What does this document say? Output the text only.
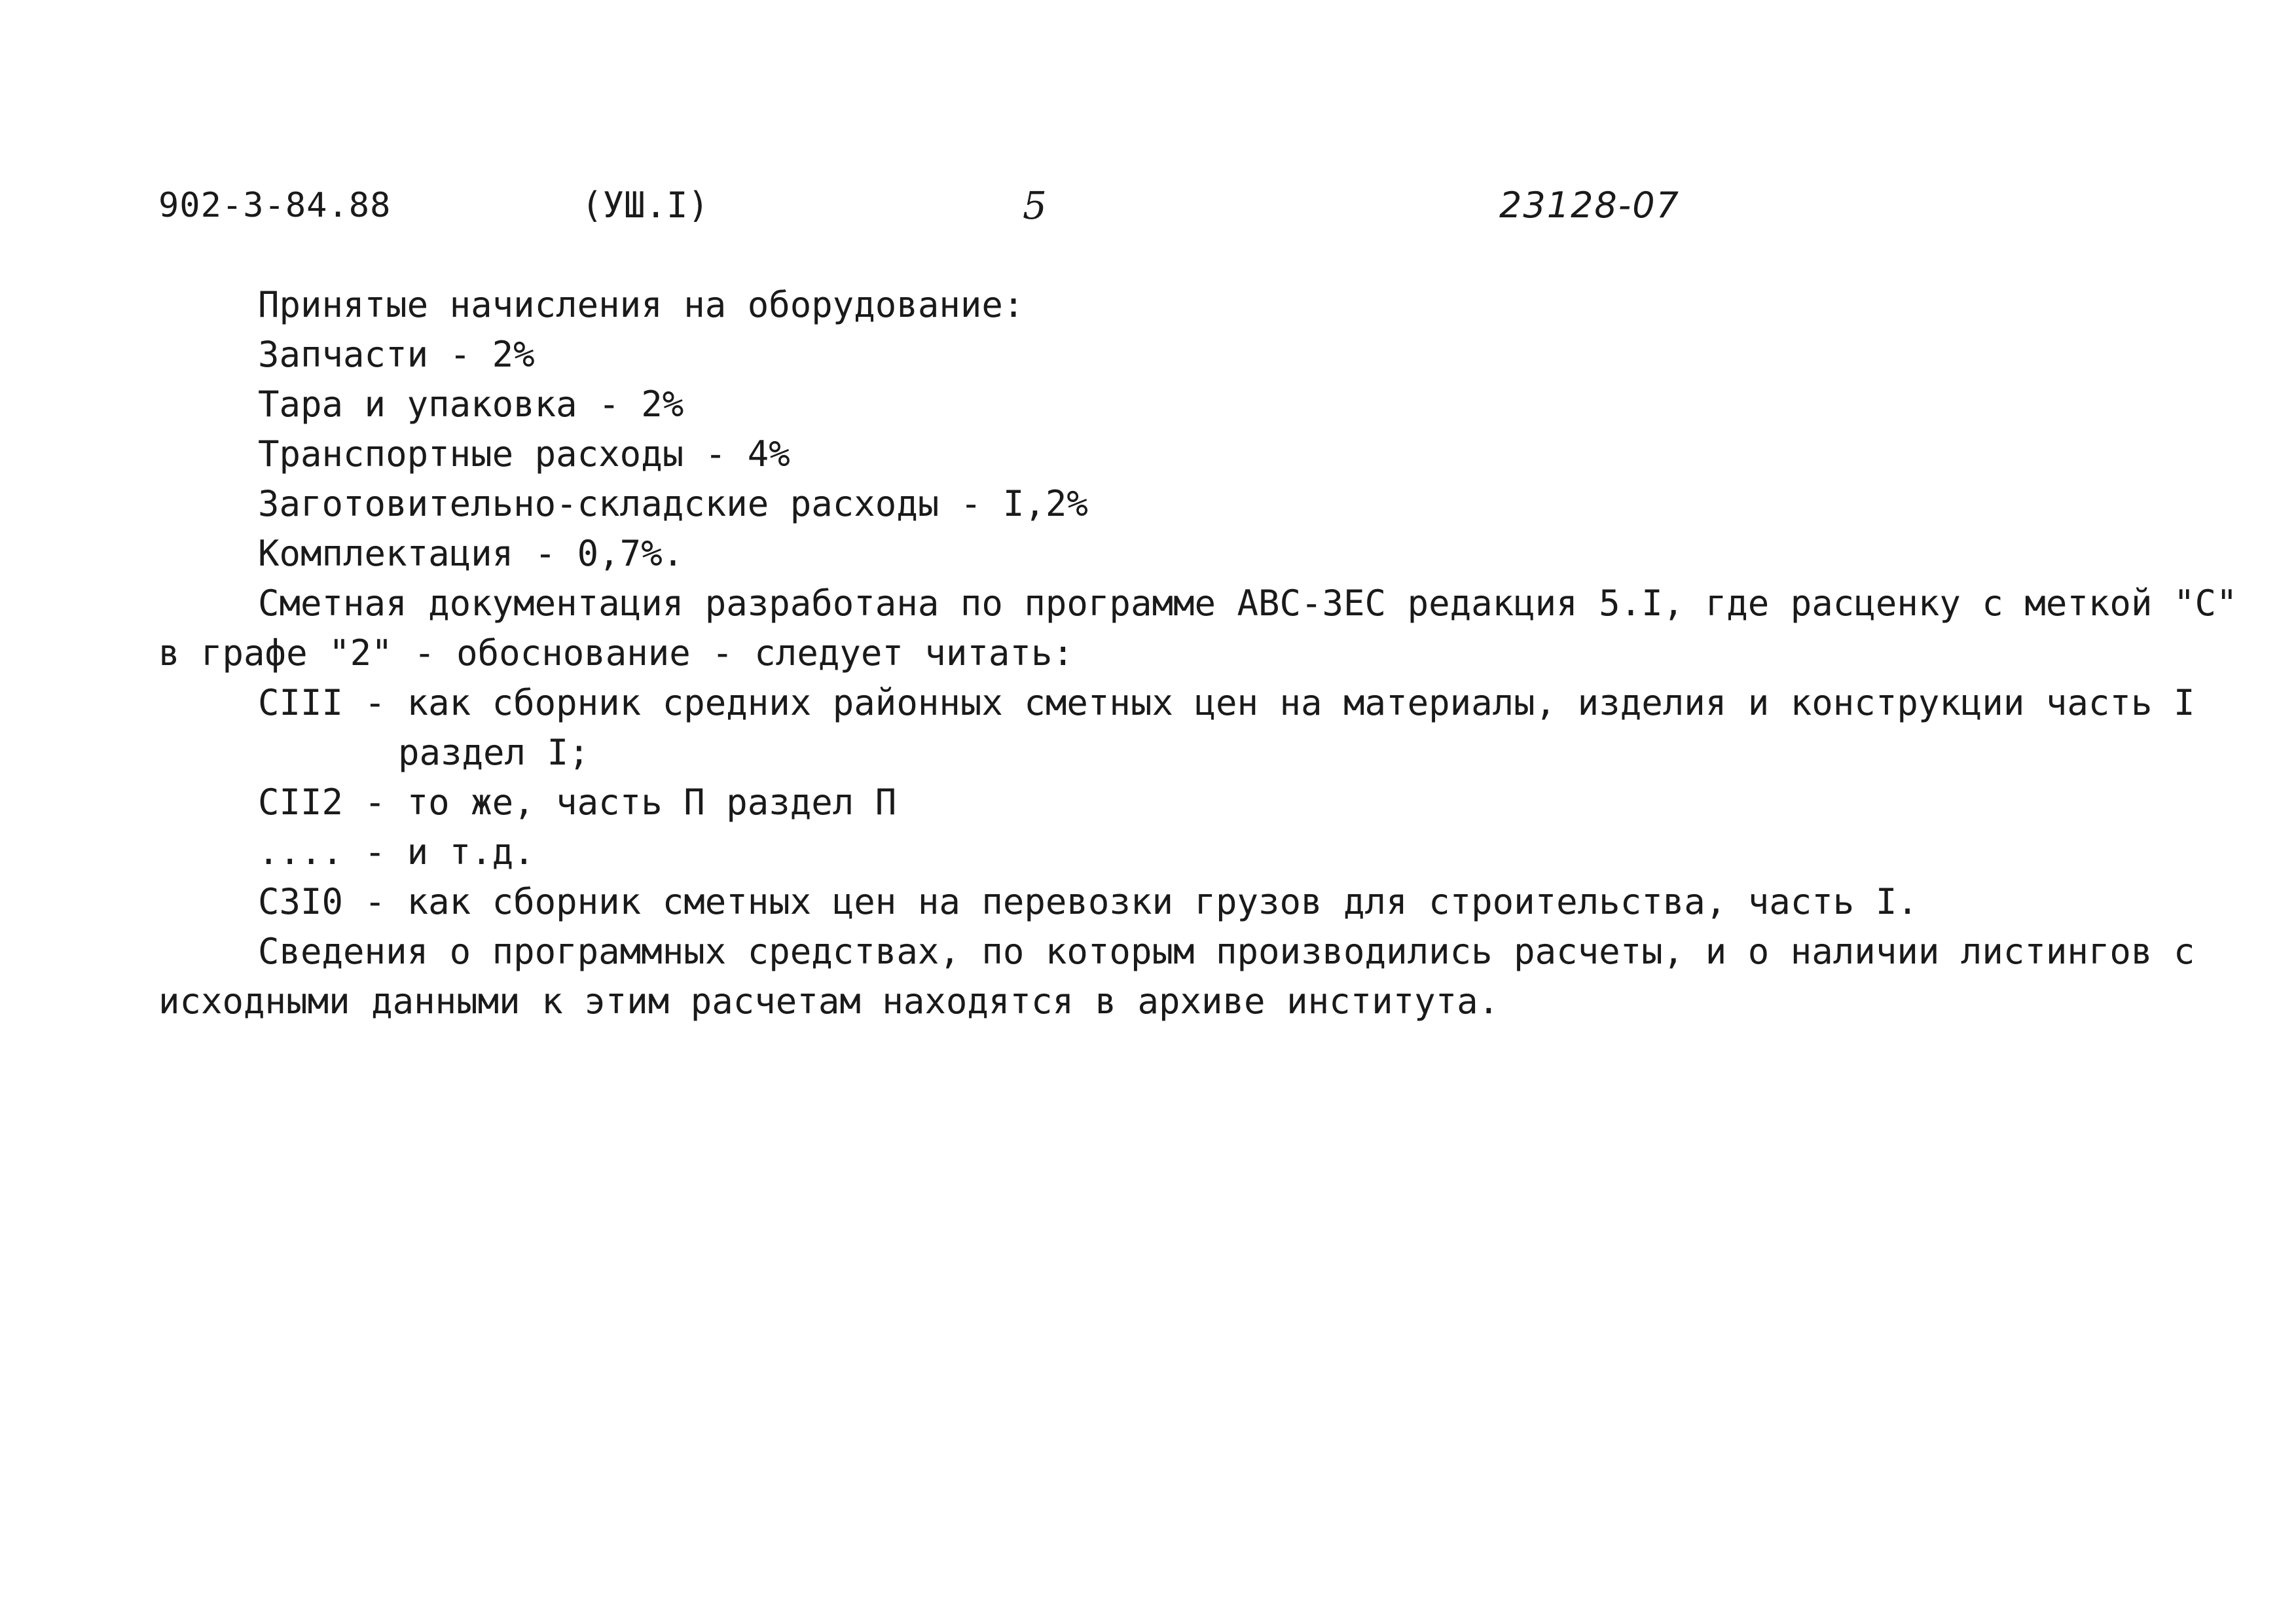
902-3-84.88	(УШ.I)	5	23128-07
Принятые начисления на оборудование:
Запчасти - 2%
Тара и упаковка - 2%
Транспортные расходы - 4%
Заготовительно-складские расходы - I,2%
Комплектация - 0,7%.
Сметная документация разработана по программе АВС-ЗЕС редакция 5.I, где расценку с меткой "С"
в графе "2" - обоснование - следует читать:
СIII - как сборник средних районных сметных цен на материалы, изделия и конструкции часть I
раздел I;
СII2 - то же, часть П раздел П
.... - и т.д.
С3I0 - как сборник сметных цен на перевозки грузов для строительства, часть I.
Сведения о программных средствах, по которым производились расчеты, и о наличии листингов с
исходными данными к этим расчетам находятся в архиве института.
